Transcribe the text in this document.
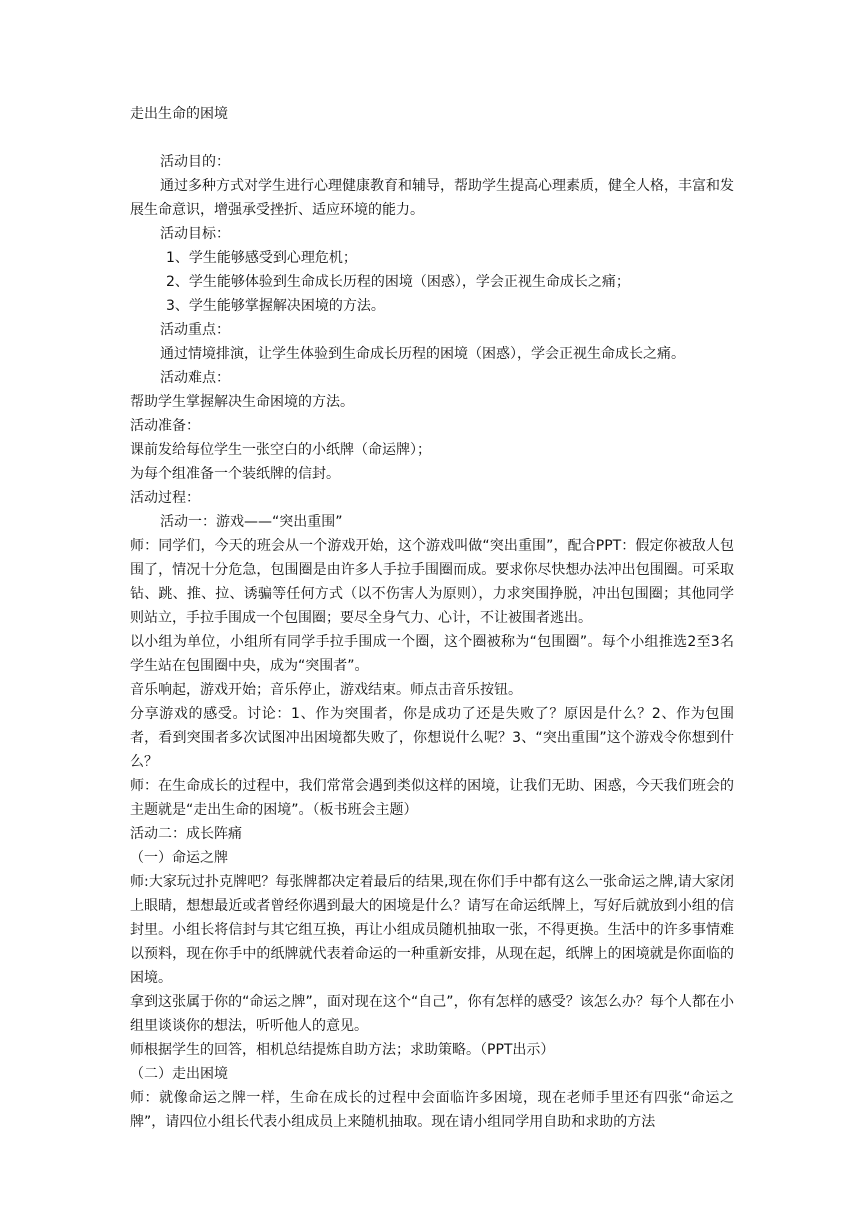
走出生命的困境

活动目的：

通过多种方式对学生进行心理健康教育和辅导，帮助学生提高心理素质，健全人格，丰富和发展生命意识，增强承受挫折、适应环境的能力。

活动目标：

1、学生能够感受到心理危机；

2、学生能够体验到生命成长历程的困境（困惑），学会正视生命成长之痛；

3、学生能够掌握解决困境的方法。

活动重点：

通过情境排演，让学生体验到生命成长历程的困境（困惑），学会正视生命成长之痛。

活动难点：

帮助学生掌握解决生命困境的方法。

活动准备：

课前发给每位学生一张空白的小纸牌（命运牌）；

为每个组准备一个装纸牌的信封。

活动过程：

活动一：游戏——“突出重围”

师：同学们，今天的班会从一个游戏开始，这个游戏叫做“突出重围”，配合PPT：假定你被敌人包围了，情况十分危急，包围圈是由许多人手拉手围圈而成。要求你尽快想办法冲出包围圈。可采取钻、跳、推、拉、诱骗等任何方式（以不伤害人为原则），力求突围挣脱，冲出包围圈；其他同学则站立，手拉手围成一个包围圈；要尽全身气力、心计，不让被围者逃出。

以小组为单位，小组所有同学手拉手围成一个圈，这个圈被称为“包围圈”。每个小组推选2至3名学生站在包围圈中央，成为“突围者”。

音乐响起，游戏开始；音乐停止，游戏结束。师点击音乐按钮。

分享游戏的感受。讨论：1、作为突围者，你是成功了还是失败了？原因是什么？2、作为包围者，看到突围者多次试图冲出困境都失败了，你想说什么呢？3、“突出重围”这个游戏令你想到什么？

师：在生命成长的过程中，我们常常会遇到类似这样的困境，让我们无助、困惑，今天我们班会的主题就是“走出生命的困境”。（板书班会主题）

活动二：成长阵痛

（一）命运之牌

师:大家玩过扑克牌吧？每张牌都决定着最后的结果,现在你们手中都有这么一张命运之牌,请大家闭上眼睛，想想最近或者曾经你遇到最大的困境是什么？请写在命运纸牌上，写好后就放到小组的信封里。小组长将信封与其它组互换，再让小组成员随机抽取一张，不得更换。生活中的许多事情难以预料，现在你手中的纸牌就代表着命运的一种重新安排，从现在起，纸牌上的困境就是你面临的困境。

拿到这张属于你的“命运之牌”，面对现在这个“自己”，你有怎样的感受？该怎么办？每个人都在小组里谈谈你的想法，听听他人的意见。

师根据学生的回答，相机总结提炼自助方法；求助策略。（PPT出示）

（二）走出困境

师：就像命运之牌一样，生命在成长的过程中会面临许多困境，现在老师手里还有四张“命运之牌”，请四位小组长代表小组成员上来随机抽取。现在请小组同学用自助和求助的方法
